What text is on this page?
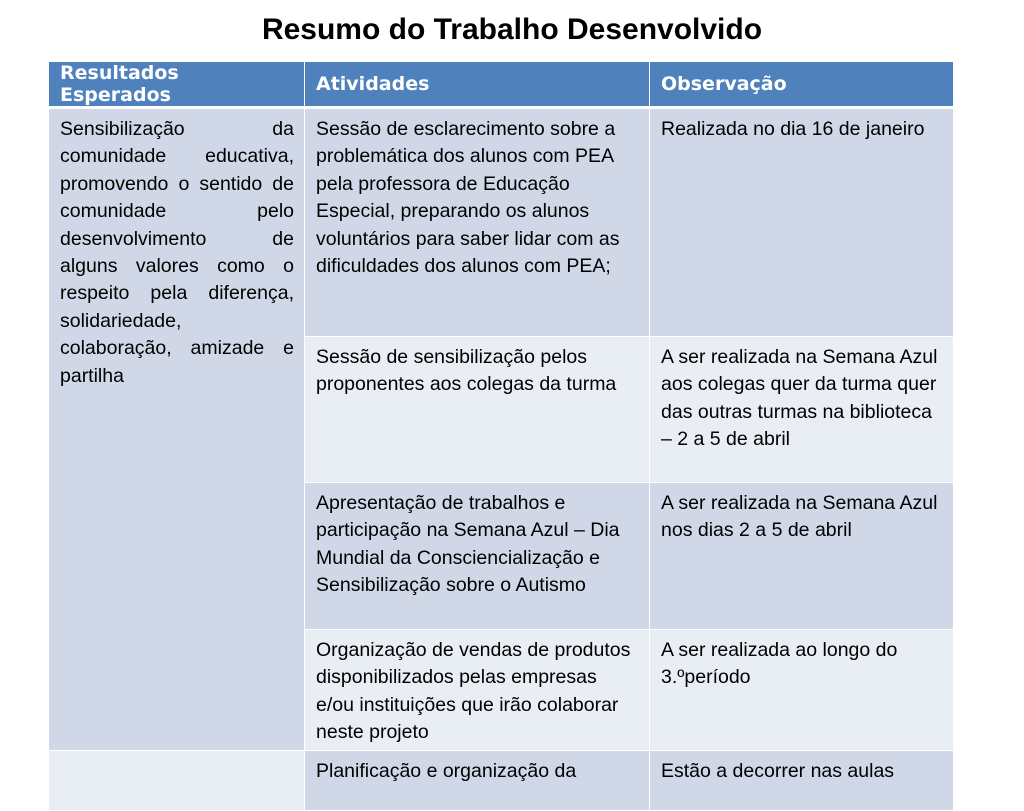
Resumo do Trabalho Desenvolvido
Resultados Esperados	Atividades	Observação
Sensibilização da comunidade educativa, promovendo o sentido de comunidade pelo desenvolvimento de alguns valores como o respeito pela diferença, solidariedade, colaboração, amizade e partilha	Sessão de esclarecimento sobre a problemática dos alunos com PEA pela professora de Educação Especial, preparando os alunos voluntários para saber lidar com as dificuldades dos alunos com PEA;	Realizada no dia 16 de janeiro
	Sessão de sensibilização pelos proponentes aos colegas da turma	A ser realizada na Semana Azul aos colegas quer da turma quer das outras turmas na biblioteca – 2 a 5 de abril
	Apresentação de trabalhos e participação na Semana Azul – Dia Mundial da Consciencialização e Sensibilização sobre o Autismo	A ser realizada na Semana Azul nos dias 2 a 5 de abril
	Organização de vendas de produtos disponibilizados pelas empresas e/ou instituições que irão colaborar neste projeto	A ser realizada ao longo do 3.ºperíodo
	Planificação e organização da	Estão a decorrer nas aulas
